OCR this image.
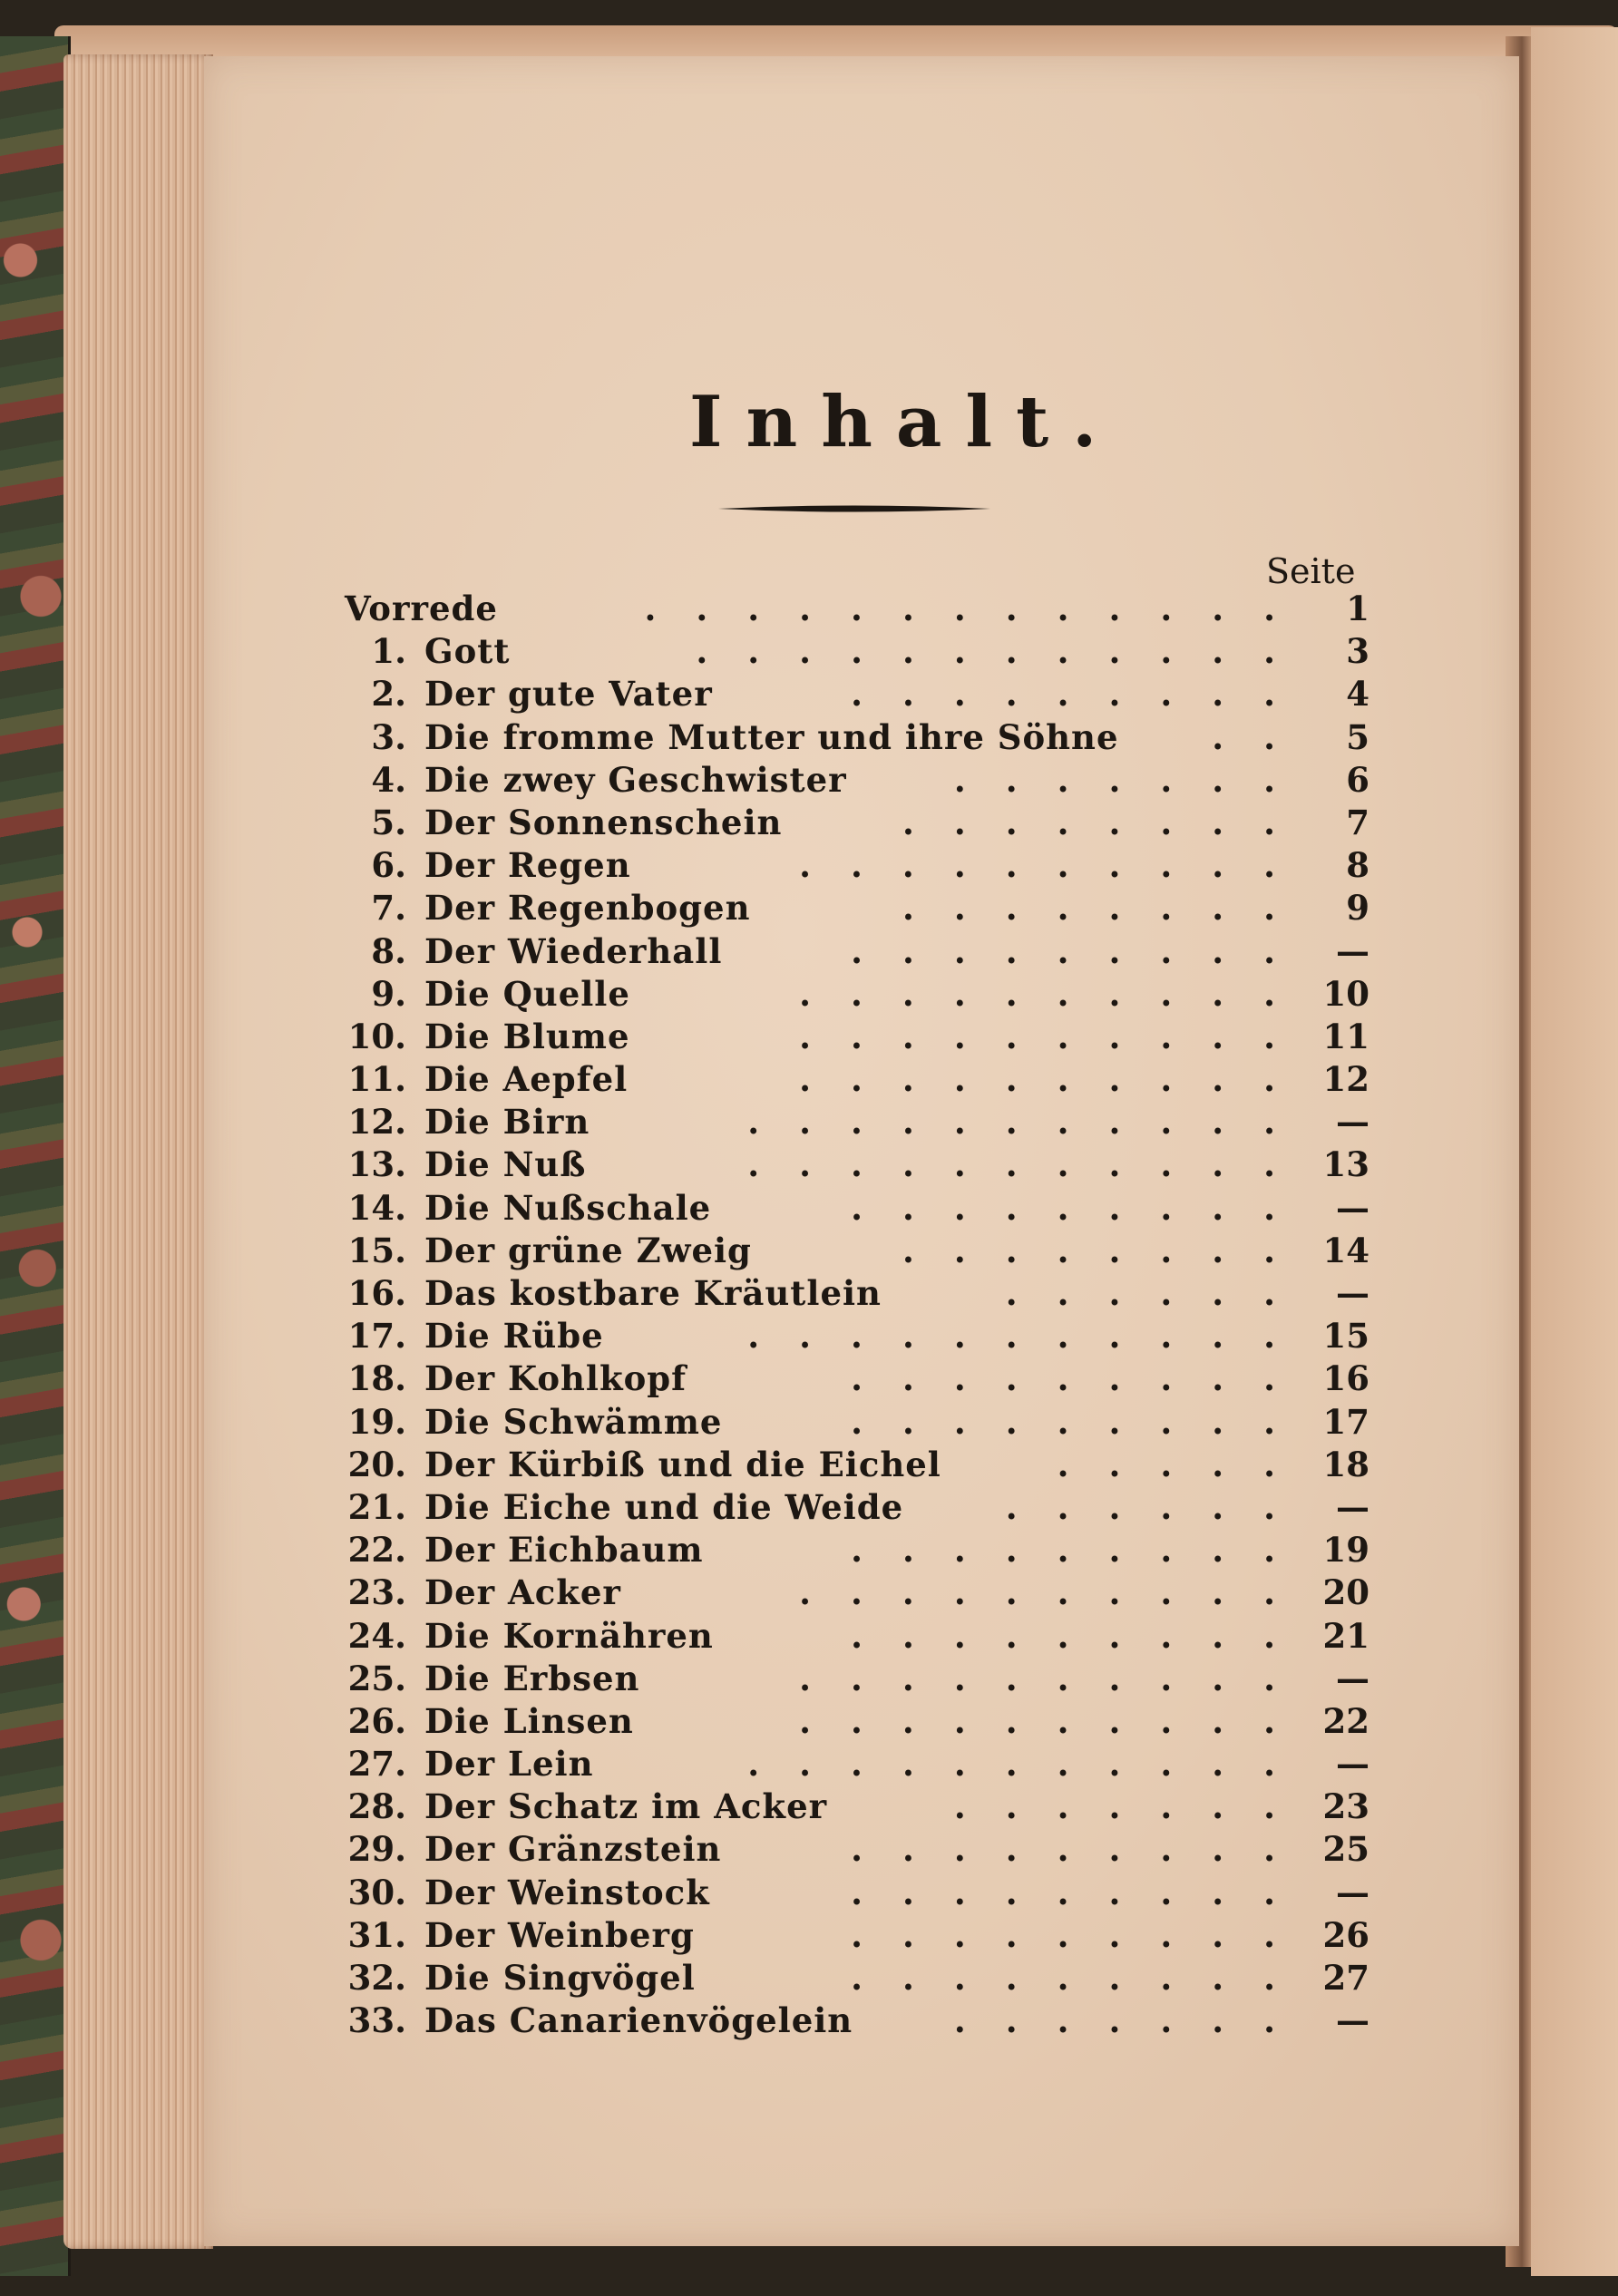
Inhalt.
Seite
Vorrede	............. 1
1. Gott	............ 3
2. Der gute Vater	......... 4
3. Die fromme Mutter und ihre Söhne	.. 5
4. Die zwey Geschwister	....... 6
5. Der Sonnenschein	........ 7
6. Der Regen	.......... 8
7. Der Regenbogen	........ 9
8. Der Wiederhall	......... —
9. Die Quelle	.......... 10
10. Die Blume	.......... 11
11. Die Aepfel	.......... 12
12. Die Birn	........... —
13. Die Nuß	........... 13
14. Die Nußschale	......... —
15. Der grüne Zweig	........ 14
16. Das kostbare Kräutlein	...... —
17. Die Rübe	........... 15
18. Der Kohlkopf	......... 16
19. Die Schwämme	......... 17
20. Der Kürbiß und die Eichel	..... 18
21. Die Eiche und die Weide	...... —
22. Der Eichbaum	......... 19
23. Der Acker	.......... 20
24. Die Kornähren	......... 21
25. Die Erbsen	.......... —
26. Die Linsen	.......... 22
27. Der Lein	........... —
28. Der Schatz im Acker	....... 23
29. Der Gränzstein	......... 25
30. Der Weinstock	......... —
31. Der Weinberg	......... 26
32. Die Singvögel	......... 27
33. Das Canarienvögelein	....... —
